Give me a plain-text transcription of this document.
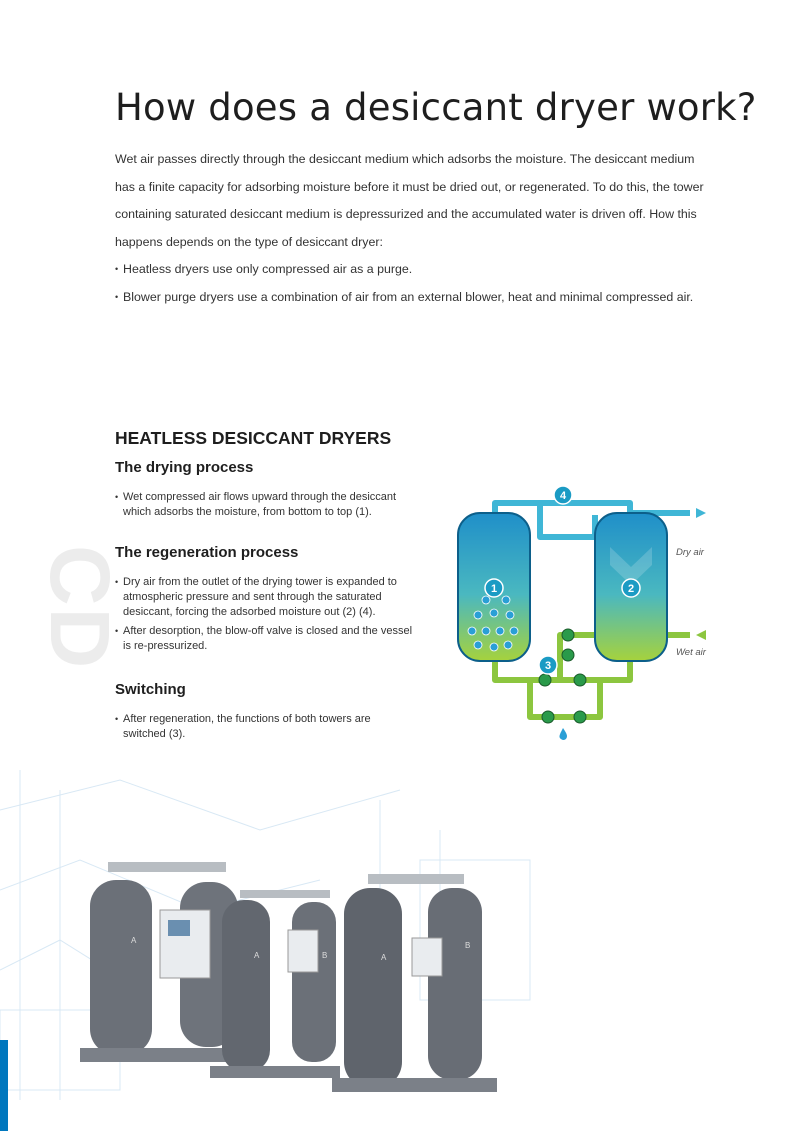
How does a desiccant dryer work?

Wet air passes directly through the desiccant medium which adsorbs the moisture. The desiccant medium has a finite capacity for adsorbing moisture before it must be dried out, or regenerated. To do this, the tower containing saturated desiccant medium is depressurized and the accumulated water is driven off. How this happens depends on the type of desiccant dryer:

• Heatless dryers use only compressed air as a purge.
• Blower purge dryers use a combination of air from an external blower, heat and minimal compressed air.
CD
HEATLESS DESICCANT DRYERS
The drying process
• Wet compressed air flows upward through the desiccant which adsorbs the moisture, from bottom to top (1).
The regeneration process
• Dry air from the outlet of the drying tower is expanded to atmospheric pressure and sent through the saturated desiccant, forcing the adsorbed moisture out (2) (4).
• After desorption, the blow-off valve is closed and the vessel is re-pressurized.
Switching
• After regeneration, the functions of both towers are switched (3).
1	2
3
4
Dry air
Wet air
A
A	B	A
B
